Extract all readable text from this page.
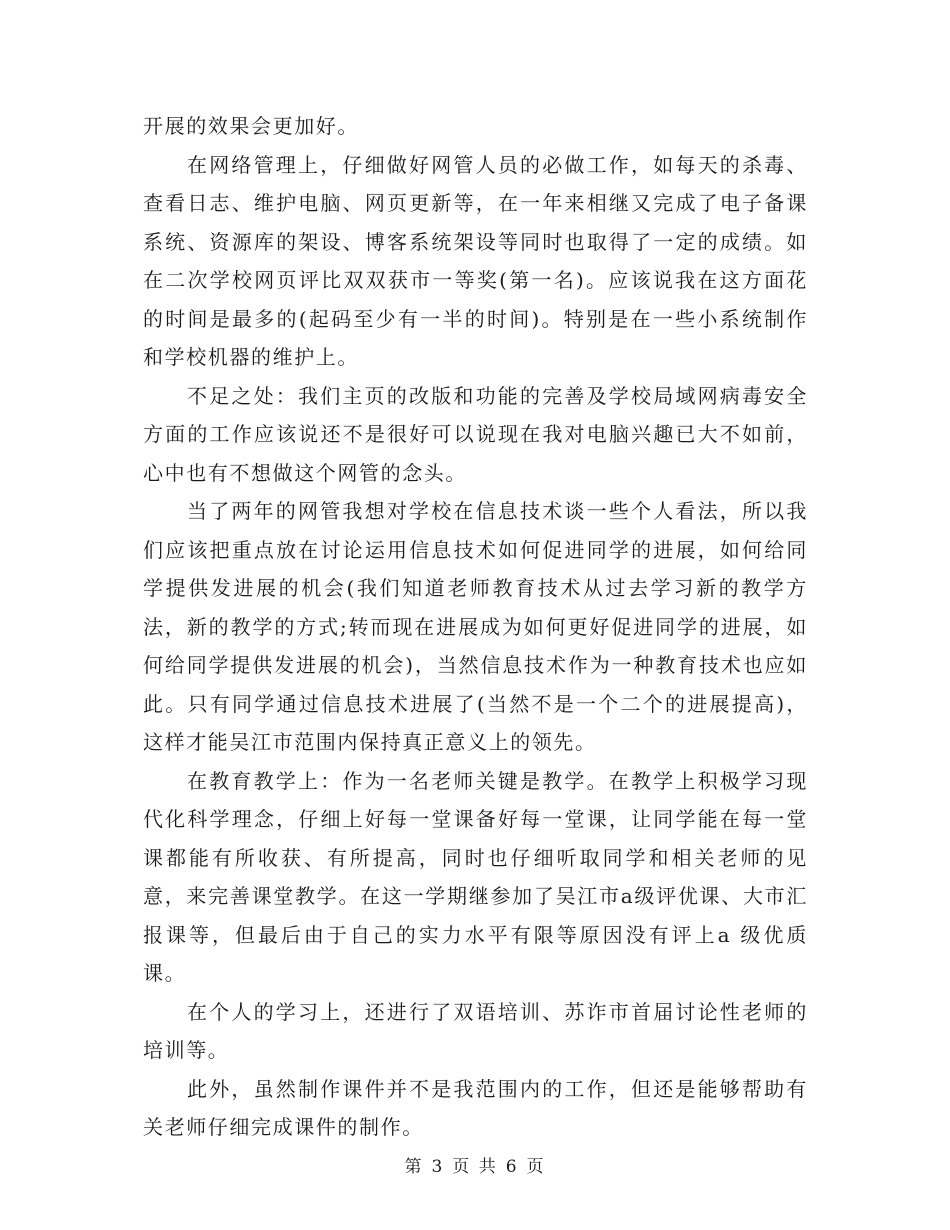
开展的效果会更加好。

在网络管理上，仔细做好网管人员的必做工作，如每天的杀毒、查看日志、维护电脑、网页更新等，在一年来相继又完成了电子备课系统、资源库的架设、博客系统架设等同时也取得了一定的成绩。如在二次学校网页评比双双获市一等奖(第一名)。应该说我在这方面花的时间是最多的(起码至少有一半的时间)。特别是在一些小系统制作和学校机器的维护上。

不足之处：我们主页的改版和功能的完善及学校局域网病毒安全方面的工作应该说还不是很好可以说现在我对电脑兴趣已大不如前，心中也有不想做这个网管的念头。

当了两年的网管我想对学校在信息技术谈一些个人看法，所以我们应该把重点放在讨论运用信息技术如何促进同学的进展，如何给同学提供发进展的机会(我们知道老师教育技术从过去学习新的教学方法，新的教学的方式;转而现在进展成为如何更好促进同学的进展，如何给同学提供发进展的机会)，当然信息技术作为一种教育技术也应如此。只有同学通过信息技术进展了(当然不是一个二个的进展提高)，这样才能吴江市范围内保持真正意义上的领先。

在教育教学上：作为一名老师关键是教学。在教学上积极学习现代化科学理念，仔细上好每一堂课备好每一堂课，让同学能在每一堂课都能有所收获、有所提高，同时也仔细听取同学和相关老师的见意，来完善课堂教学。在这一学期继参加了吴江市a级评优课、大市汇报课等，但最后由于自己的实力水平有限等原因没有评上a 级优质课。

在个人的学习上，还进行了双语培训、苏诈市首届讨论性老师的培训等。

此外，虽然制作课件并不是我范围内的工作，但还是能够帮助有关老师仔细完成课件的制作。

第 3 页 共 6 页
